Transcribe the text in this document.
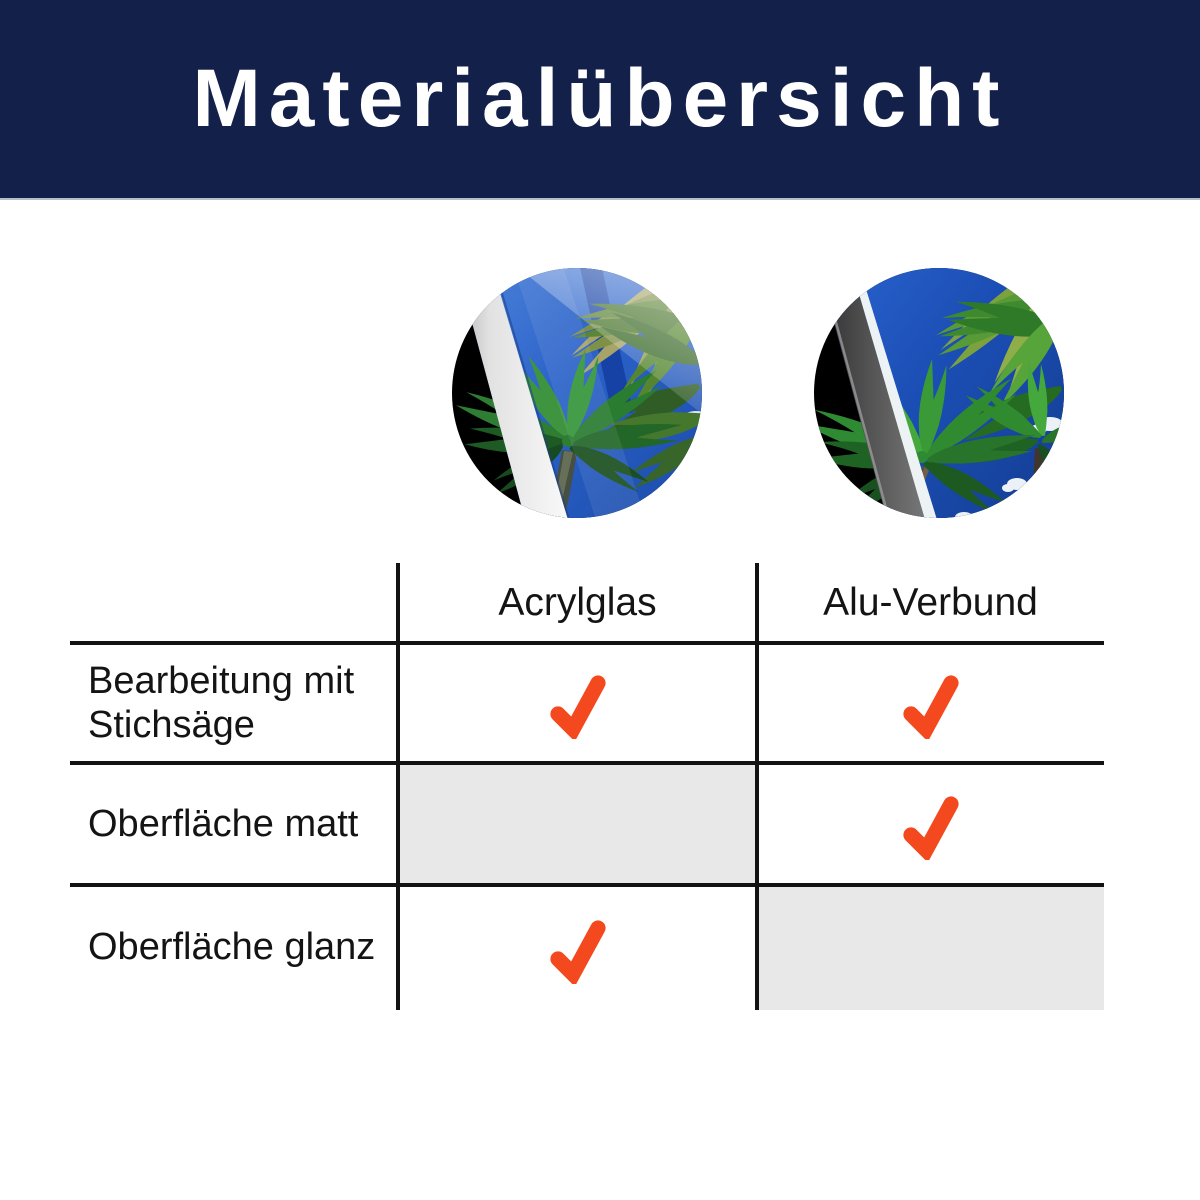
Materialübersicht
Acrylglas	Alu-Verbund
Bearbeitung mit Stichsäge
Oberfläche matt
Oberfläche glanz
